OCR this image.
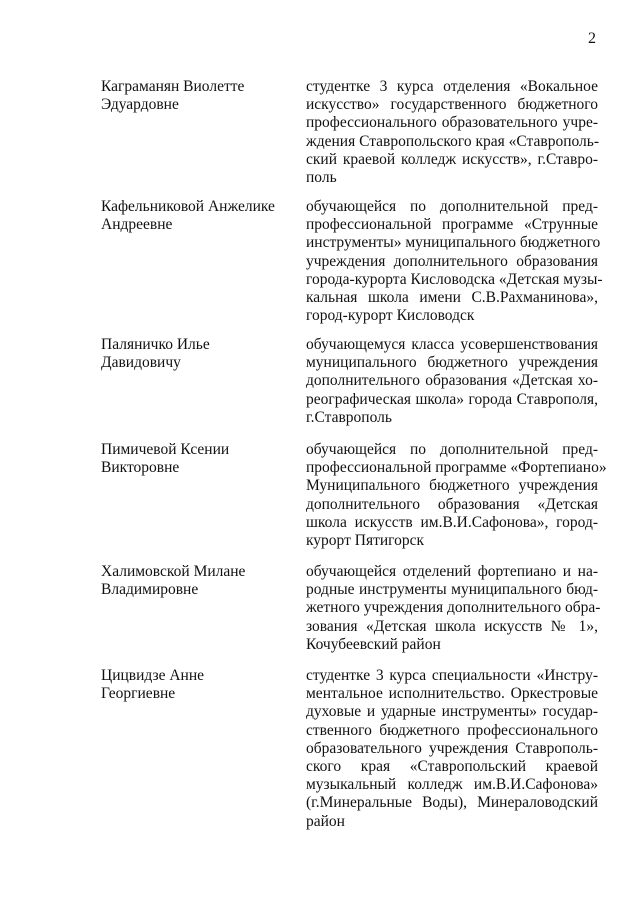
2
Каграманян Виолетте
Эдуардовне
студентке 3 курса отделения «Вокальное
искусство» государственного бюджетного
профессионального образовательного учре-
ждения Ставропольского края «Ставрополь-
ский краевой колледж искусств», г.Ставро-
поль
Кафельниковой Анжелике
Андреевне
обучающейся по дополнительной пред-
профессиональной программе «Струнные
инструменты» муниципального бюджетного
учреждения дополнительного образования
города-курорта Кисловодска «Детская музы-
кальная школа имени С.В.Рахманинова»,
город-курорт Кисловодск
Паляничко Илье
Давидовичу
обучающемуся класса усовершенствования
муниципального бюджетного учреждения
дополнительного образования «Детская хо-
реографическая школа» города Ставрополя,
г.Ставрополь
Пимичевой Ксении
Викторовне
обучающейся по дополнительной пред-
профессиональной программе «Фортепиано»
Муниципального бюджетного учреждения
дополнительного образования «Детская
школа искусств им.В.И.Сафонова», город-
курорт Пятигорск
Халимовской Милане
Владимировне
обучающейся отделений фортепиано и на-
родные инструменты муниципального бюд-
жетного учреждения дополнительного обра-
зования «Детская школа искусств № 1»,
Кочубеевский район
Цицвидзе Анне
Георгиевне
студентке 3 курса специальности «Инстру-
ментальное исполнительство. Оркестровые
духовые и ударные инструменты» государ-
ственного бюджетного профессионального
образовательного учреждения Ставрополь-
ского края «Ставропольский краевой
музыкальный колледж им.В.И.Сафонова»
(г.Минеральные Воды), Минераловодский
район
